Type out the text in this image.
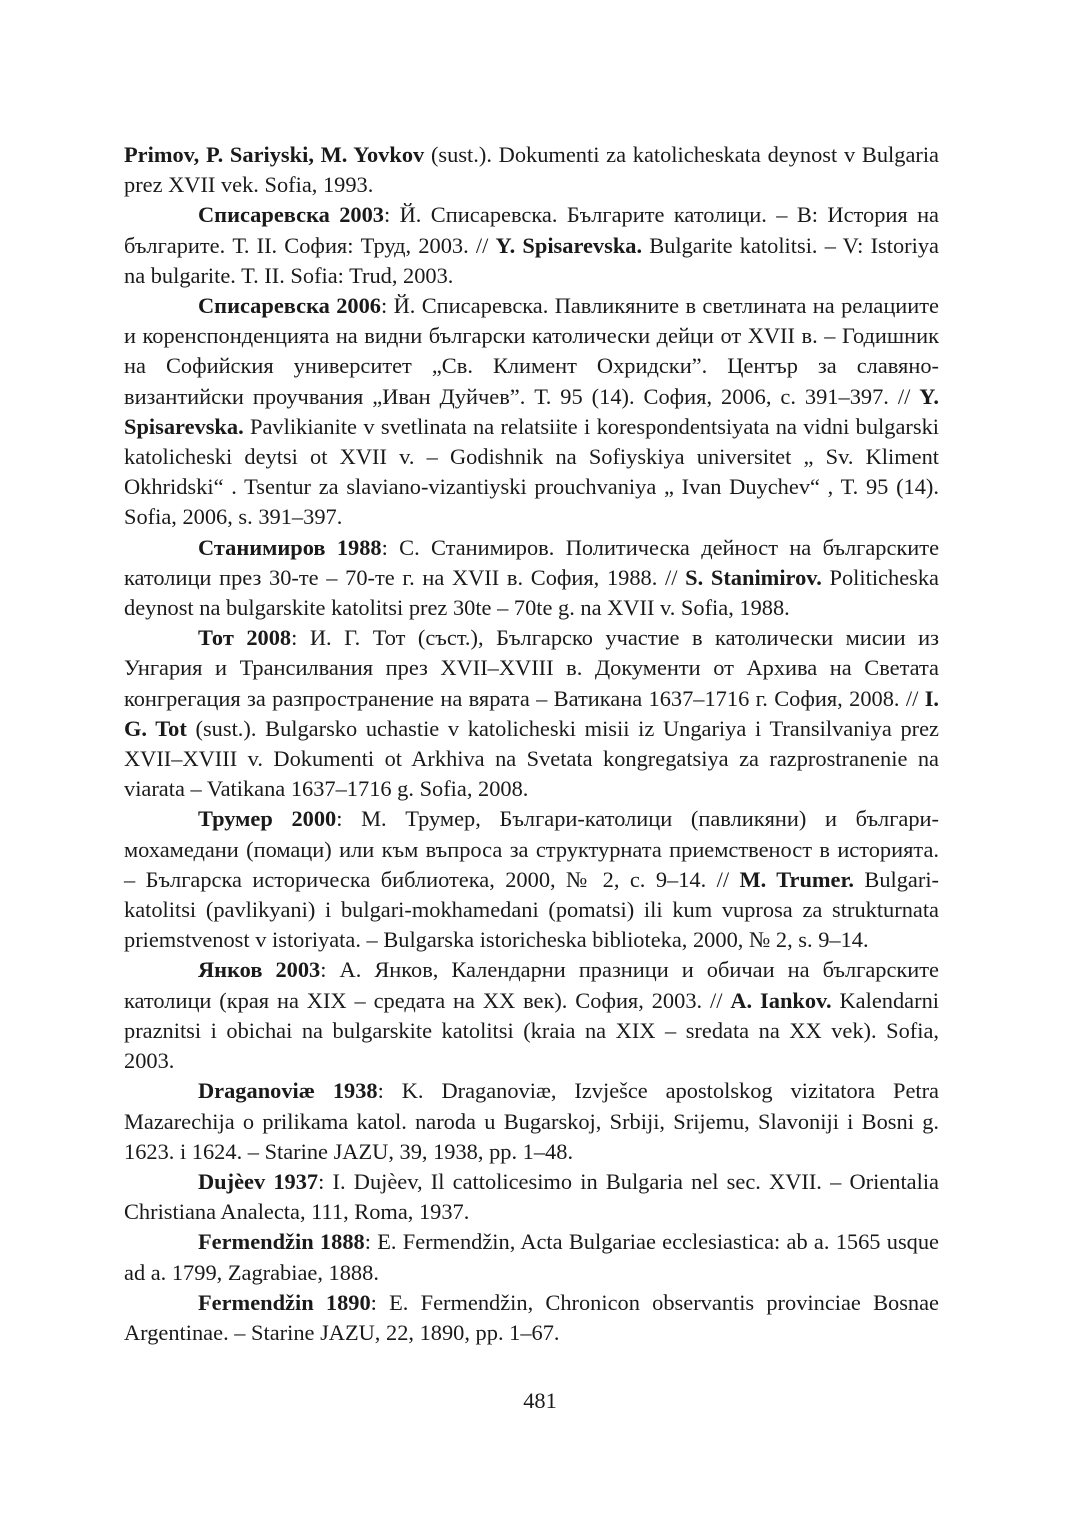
Primov, P. Sariyski, M. Yovkov (sust.). Dokumenti za katolicheskata deynost v Bulgaria prez XVII vek. Sofia, 1993.

Списаревска 2003: Й. Списаревска. Българите католици. – В: История на българите. Т. II. София: Труд, 2003. // Y. Spisarevska. Bulgarite katolitsi. – V: Istoriya na bulgarite. T. II. Sofia: Trud, 2003.

Списаревска 2006: Й. Списаревска. Павликяните в светлината на релациите и коренспонденцията на видни български католически дейци от XVII в. – Годишник на Софийския университет „Св. Климент Охридски”. Център за славяно-византийски проучвания „Иван Дуйчев”. Т. 95 (14). София, 2006, с. 391–397. // Y. Spisarevska. Pavlikianite v svetlinata na relatsiite i korespondentsiyata na vidni bulgarski katolicheski deytsi ot XVII v. – Godishnik na Sofiyskiya universitet „ Sv. Kliment Okhridski“ . Tsentur za slaviano-vizantiyski prouchvaniya „ Ivan Duychev“ , T. 95 (14). Sofia, 2006, s. 391–397.

Станимиров 1988: С. Станимиров. Политическа дейност на българските католици през 30-те – 70-те г. на XVII в. София, 1988. // S. Stanimirov. Politicheska deynost na bulgarskite katolitsi prez 30te – 70te g. na XVII v. Sofia, 1988.

Тот 2008: И. Г. Тот (съст.), Българско участие в католически мисии из Унгария и Трансилвания през XVII–XVIII в. Документи от Архива на Светата конгрегация за разпространение на вярата – Ватикана 1637–1716 г. София, 2008. // I. G. Tot (sust.). Bulgarsko uchastie v katolicheski misii iz Ungariya i Transilvaniya prez XVII–XVIII v. Dokumenti ot Arkhiva na Svetata kongregatsiya za razprostranenie na viarata – Vatikana 1637–1716 g. Sofia, 2008.

Трумер 2000: М. Трумер, Българи-католици (павликяни) и българи-мохамедани (помаци) или към въпроса за структурната приемственост в историята. – Българска историческа библиотека, 2000, № 2, с. 9–14. // M. Trumer. Bulgari-katolitsi (pavlikyani) i bulgari-mokhamedani (pomatsi) ili kum vuprosa za strukturnata priemstvenost v istoriyata. – Bulgarska istoricheska biblioteka, 2000, № 2, s. 9–14.

Янков 2003: А. Янков, Календарни празници и обичаи на българските католици (края на XIX – средата на XX век). София, 2003. // A. Iankov. Kalendarni praznitsi i obichai na bulgarskite katolitsi (kraia na XIX – sredata na XX vek). Sofia, 2003.

Draganoviæ 1938: K. Draganoviæ, Izvješce apostolskog vizitatora Petra Mazarechija o prilikama katol. naroda u Bugarskoj, Srbiji, Srijemu, Slavoniji i Bosni g. 1623. i 1624. – Starine JAZU, 39, 1938, pp. 1–48.

Dujèev 1937: I. Dujèev, Il cattolicesimo in Bulgaria nel sec. XVII. – Orientalia Christiana Analecta, 111, Roma, 1937.

Fermendžin 1888: E. Fermendžin, Acta Bulgariae ecclesiastica: ab a. 1565 usque ad a. 1799, Zagrabiae, 1888.

Fermendžin 1890: E. Fermendžin, Chronicon observantis provinciae Bosnae Argentinae. – Starine JAZU, 22, 1890, pp. 1–67.

481
